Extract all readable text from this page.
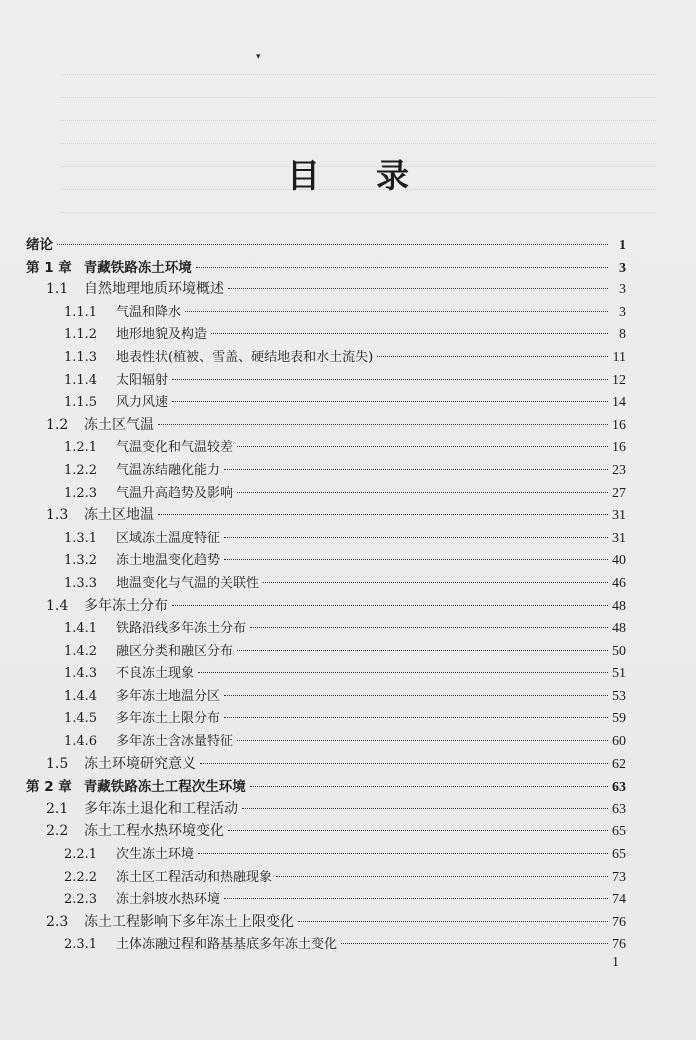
▾
目录
绪论	1
第 1 章 青藏铁路冻土环境	3
1.1	自然地理地质环境概述	3
1.1.1	气温和降水	3
1.1.2	地形地貌及构造	8
1.1.3	地表性状(植被、雪盖、硬结地表和水土流失)	11
1.1.4	太阳辐射	12
1.1.5	风力风速	14
1.2	冻土区气温	16
1.2.1	气温变化和气温较差	16
1.2.2	气温冻结融化能力	23
1.2.3	气温升高趋势及影响	27
1.3	冻土区地温	31
1.3.1	区域冻土温度特征	31
1.3.2	冻土地温变化趋势	40
1.3.3	地温变化与气温的关联性	46
1.4	多年冻土分布	48
1.4.1	铁路沿线多年冻土分布	48
1.4.2	融区分类和融区分布	50
1.4.3	不良冻土现象	51
1.4.4	多年冻土地温分区	53
1.4.5	多年冻土上限分布	59
1.4.6	多年冻土含冰量特征	60
1.5	冻土环境研究意义	62
第 2 章 青藏铁路冻土工程次生环境	63
2.1	多年冻土退化和工程活动	63
2.2	冻土工程水热环境变化	65
2.2.1	次生冻土环境	65
2.2.2	冻土区工程活动和热融现象	73
2.2.3	冻土斜坡水热环境	74
2.3	冻土工程影响下多年冻土上限变化	76
2.3.1	土体冻融过程和路基基底多年冻土变化	76
1
